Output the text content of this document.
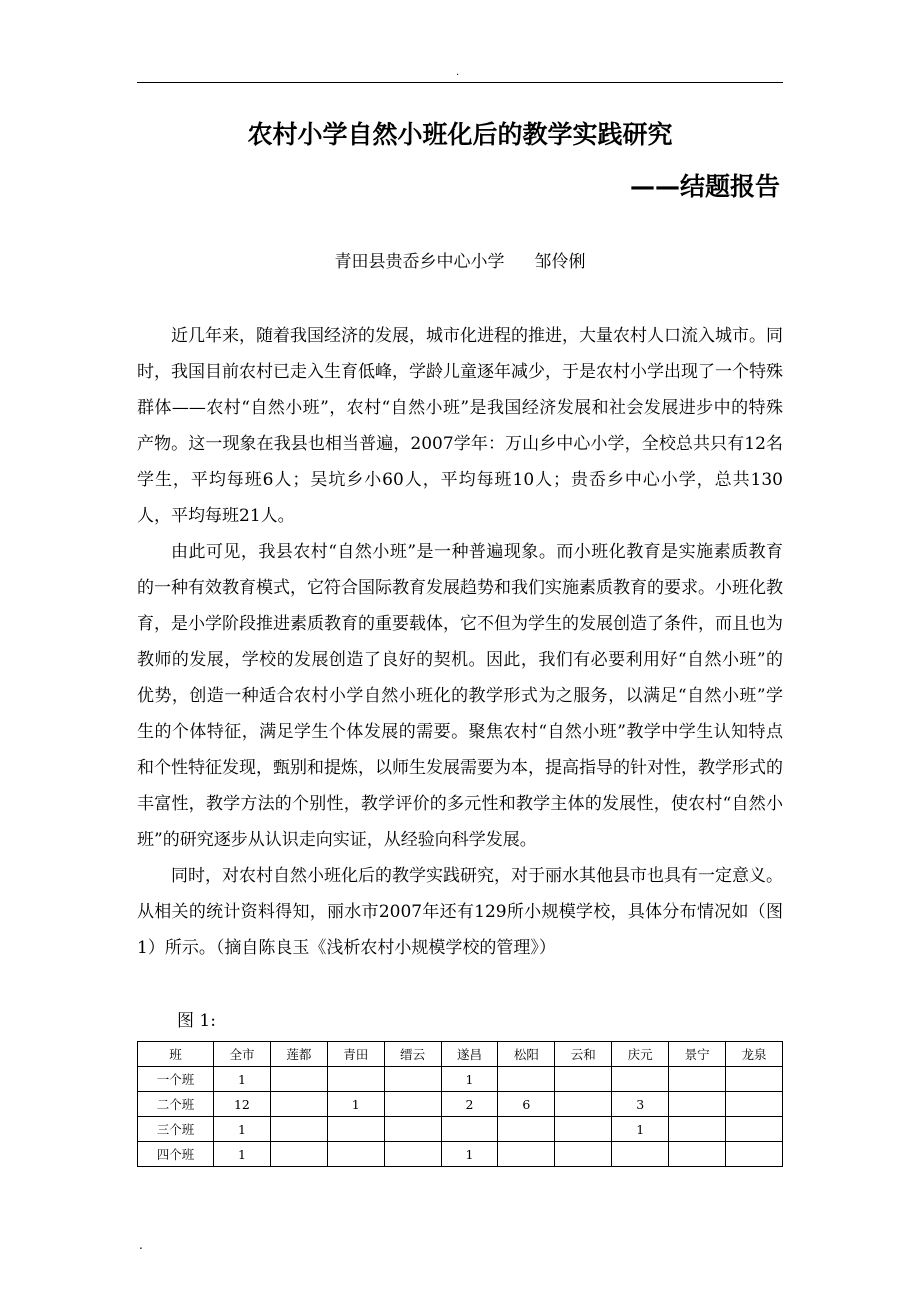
.
农村小学自然小班化后的教学实践研究
——结题报告
青田县贵岙乡中心小学 邹伶俐

近几年来，随着我国经济的发展，城市化进程的推进，大量农村人口流入城市。同时，我国目前农村已走入生育低峰，学龄儿童逐年减少，于是农村小学出现了一个特殊群体——农村“自然小班”，农村“自然小班”是我国经济发展和社会发展进步中的特殊产物。这一现象在我县也相当普遍，2007学年：万山乡中心小学，全校总共只有12名学生，平均每班6人；吴坑乡小60人，平均每班10人；贵岙乡中心小学，总共130人，平均每班21人。

由此可见，我县农村“自然小班”是一种普遍现象。而小班化教育是实施素质教育的一种有效教育模式，它符合国际教育发展趋势和我们实施素质教育的要求。小班化教育，是小学阶段推进素质教育的重要载体，它不但为学生的发展创造了条件，而且也为教师的发展，学校的发展创造了良好的契机。因此，我们有必要利用好“自然小班”的优势，创造一种适合农村小学自然小班化的教学形式为之服务，以满足“自然小班”学生的个体特征，满足学生个体发展的需要。聚焦农村“自然小班”教学中学生认知特点和个性特征发现，甄别和提炼，以师生发展需要为本，提高指导的针对性，教学形式的丰富性，教学方法的个别性，教学评价的多元性和教学主体的发展性，使农村“自然小班”的研究逐步从认识走向实证，从经验向科学发展。

同时，对农村自然小班化后的教学实践研究，对于丽水其他县市也具有一定意义。从相关的统计资料得知，丽水市2007年还有129所小规模学校，具体分布情况如（图1）所示。（摘自陈良玉《浅析农村小规模学校的管理》）

图 1:
班	全市	莲都	青田	缙云	遂昌	松阳	云和	庆元	景宁	龙泉
一个班	1				1					
二个班	12		1		2	6		3		
三个班	1							1		
四个班	1				1					
.
